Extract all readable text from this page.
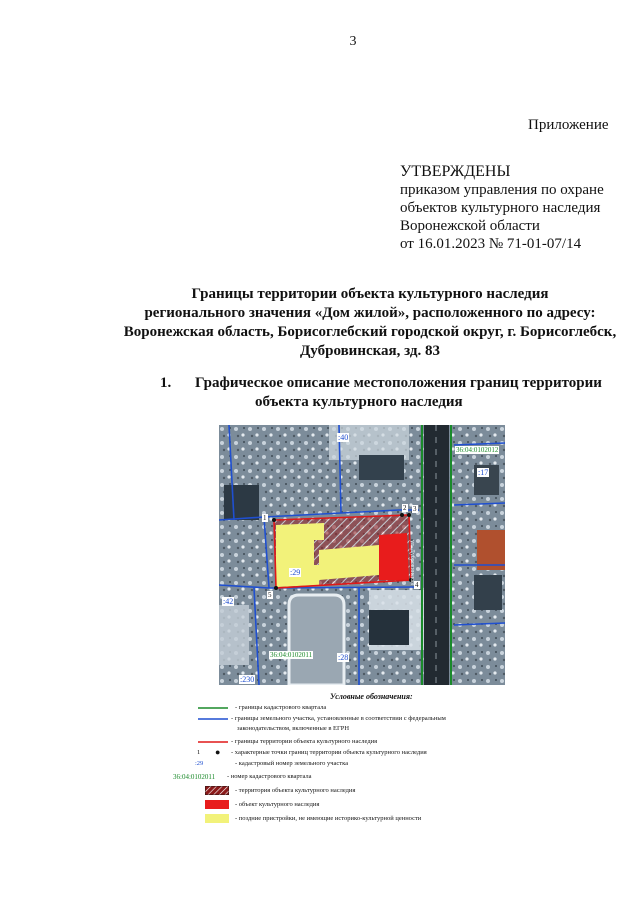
3
Приложение
УТВЕРЖДЕНЫ
приказом управления по охране
объектов культурного наследия
Воронежской области
от 16.01.2023 № 71-01-07/14
Границы территории объекта культурного наследия
регионального значения «Дом жилой», расположенного по адресу:
Воронежская область, Борисоглебский городской округ, г. Борисоглебск,
Дубровинская, зд. 83
1. Графическое описание местоположения границ территории
объекта культурного наследия
:40
36:04:0102012
:17
:29
:42
:28
36:04:0102011
:230
1
2 3
4
5
ул. Дубровинская
Условные обозначения:
- границы кадастрового квартала
- границы земельного участка, установленные в соответствии с федеральным
законодательством, включенные в ЕГРН
- границы территории объекта культурного наследия
1 ● - характерные точки границ территории объекта культурного наследия
:29	- кадастровый номер земельного участка
36:04:0102011 - номер кадастрового квартала
- территория объекта культурного наследия
- объект культурного наследия
- поздние пристройки, не имеющие историко-культурной ценности
